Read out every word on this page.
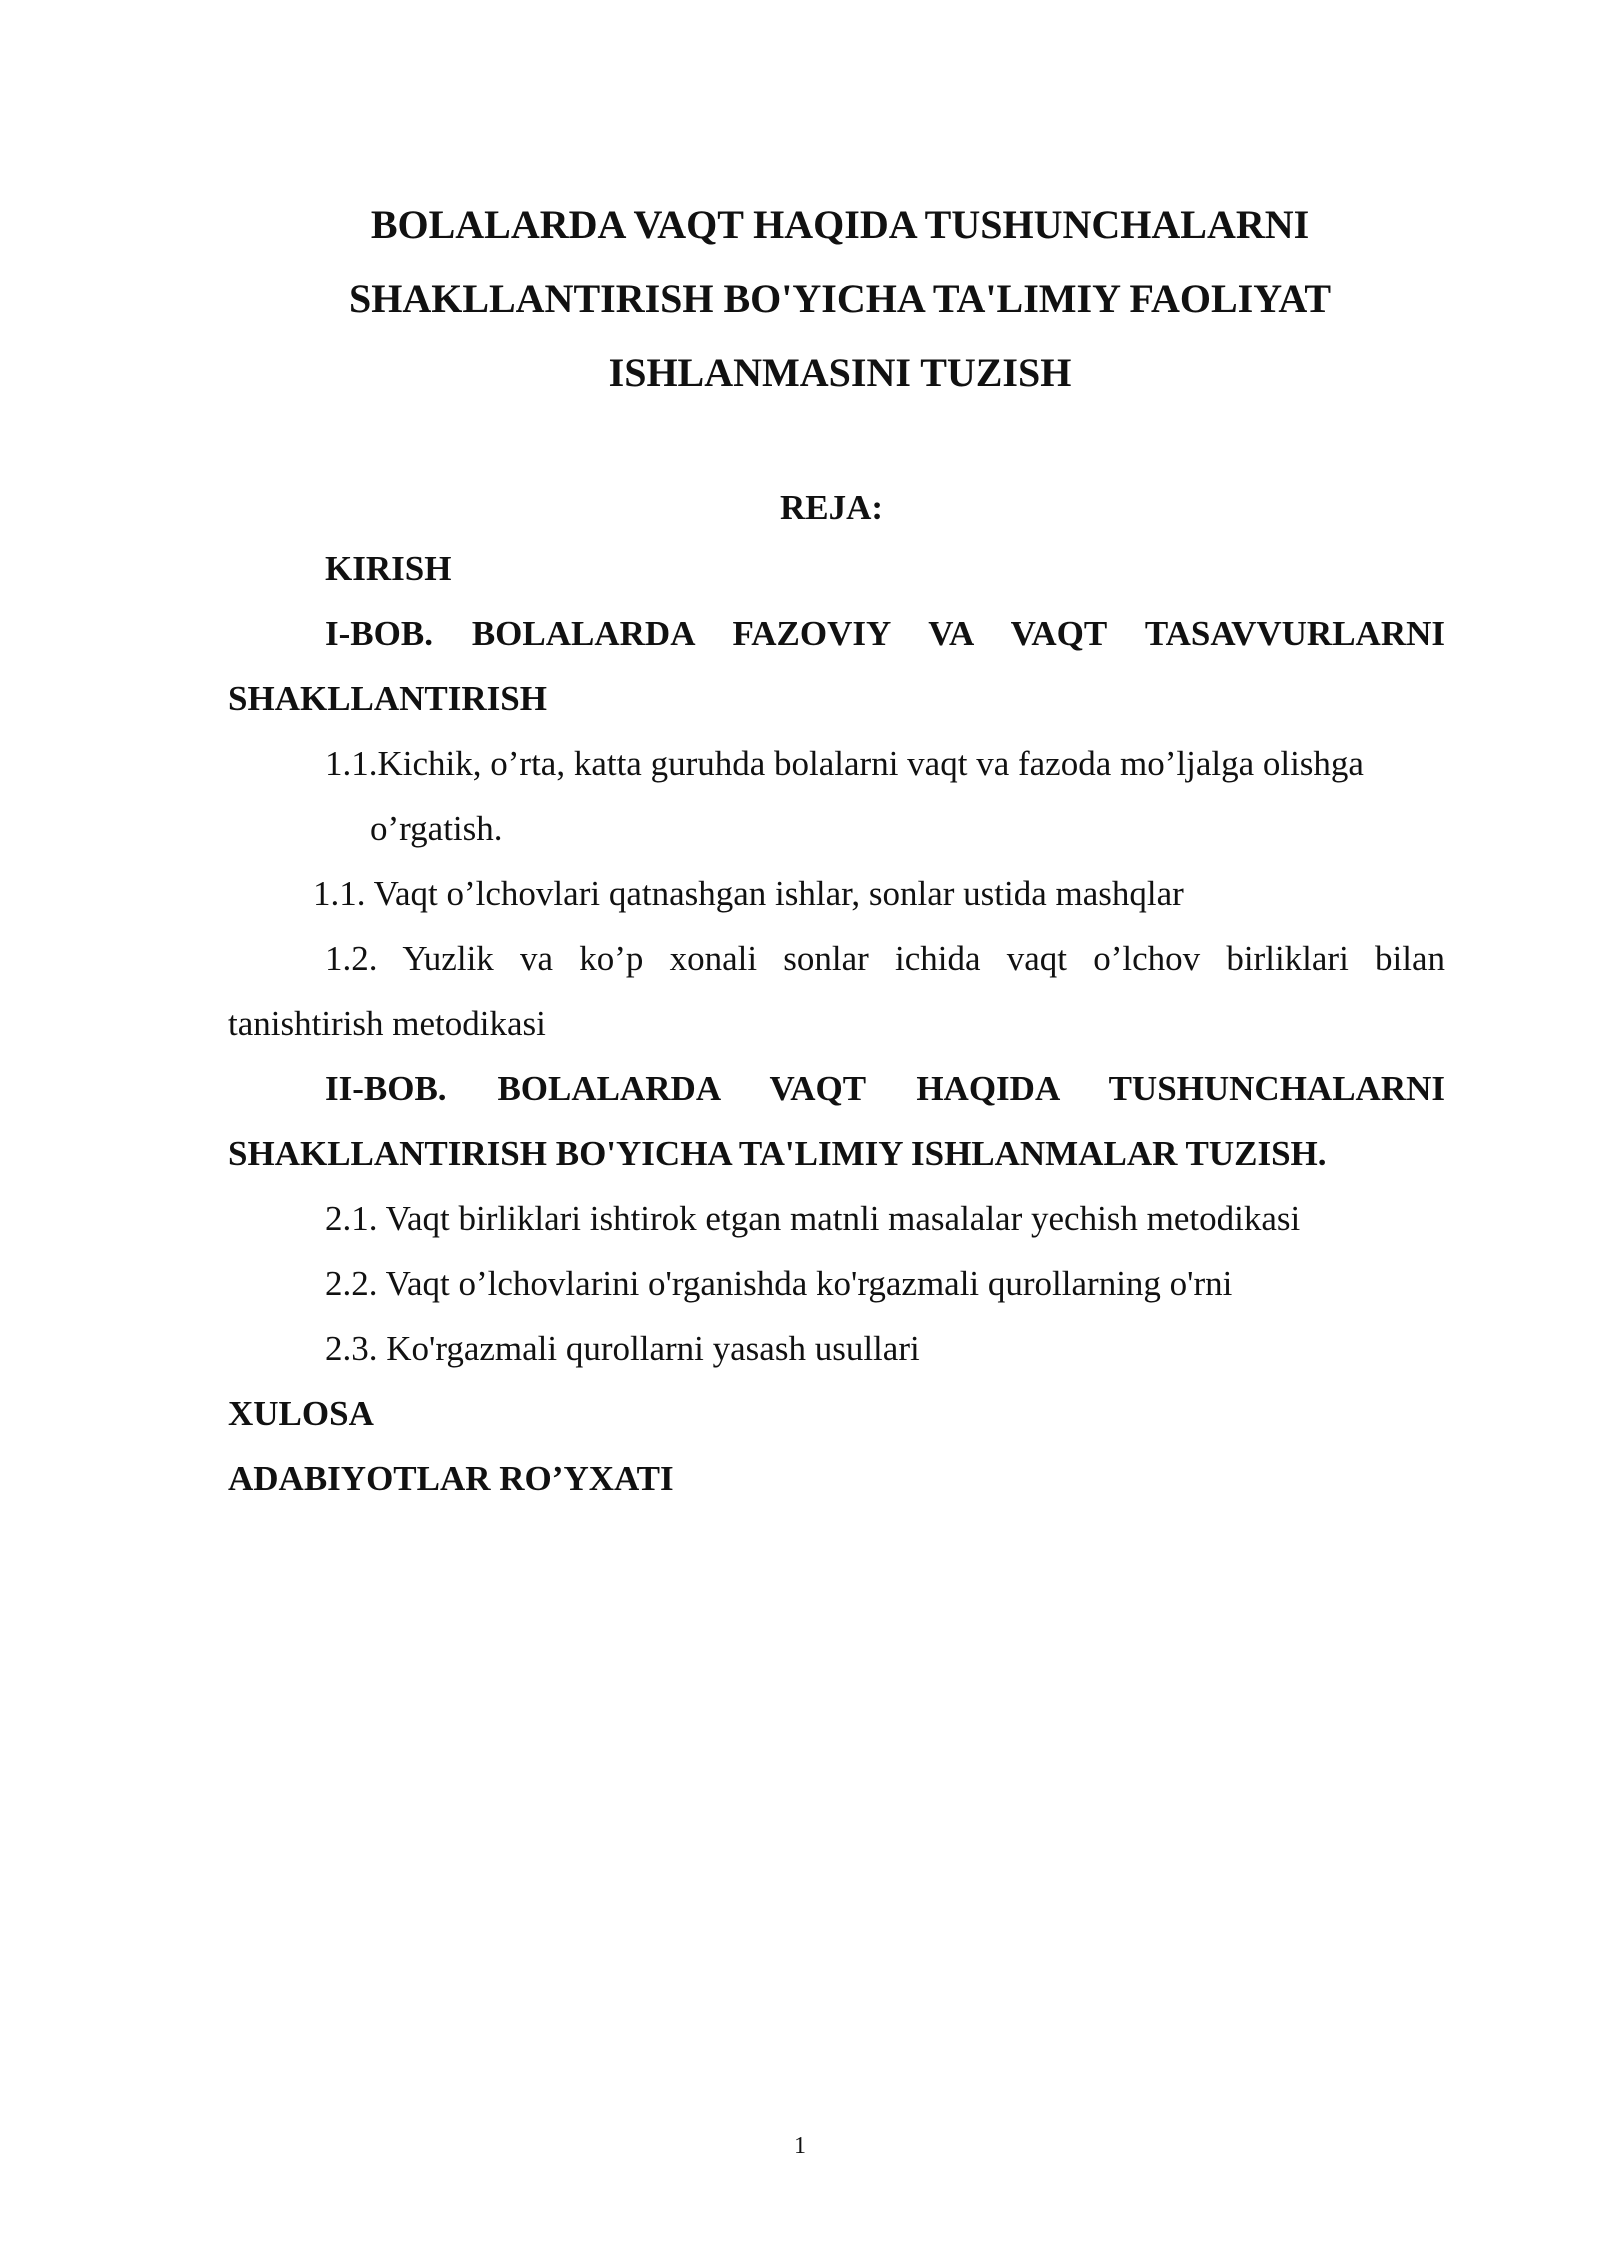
BOLALARDA VAQT HAQIDA TUSHUNCHALARNI
SHAKLLANTIRISH BO'YICHA TA'LIMIY FAOLIYAT
ISHLANMASINI TUZISH
REJA:
KIRISH
I-BOB. BOLALARDA FAZOVIY VA VAQT TASAVVURLARNI
SHAKLLANTIRISH
1.1.Kichik, o’rta, katta guruhda bolalarni vaqt va fazoda mo’ljalga olishga
o’rgatish.
1.1. Vaqt o’lchovlari qatnashgan ishlar, sonlar ustida mashqlar
1.2. Yuzlik va ko’p xonali sonlar ichida vaqt o’lchov birliklari bilan
tanishtirish metodikasi
II-BOB. BOLALARDA VAQT HAQIDA TUSHUNCHALARNI
SHAKLLANTIRISH BO'YICHA TA'LIMIY ISHLANMALAR TUZISH.
2.1. Vaqt birliklari ishtirok etgan matnli masalalar yechish metodikasi
2.2. Vaqt o’lchovlarini o'rganishda ko'rgazmali qurollarning o'rni
2.3. Ko'rgazmali qurollarni yasash usullari
XULOSA
ADABIYOTLAR RO’YXATI
1
